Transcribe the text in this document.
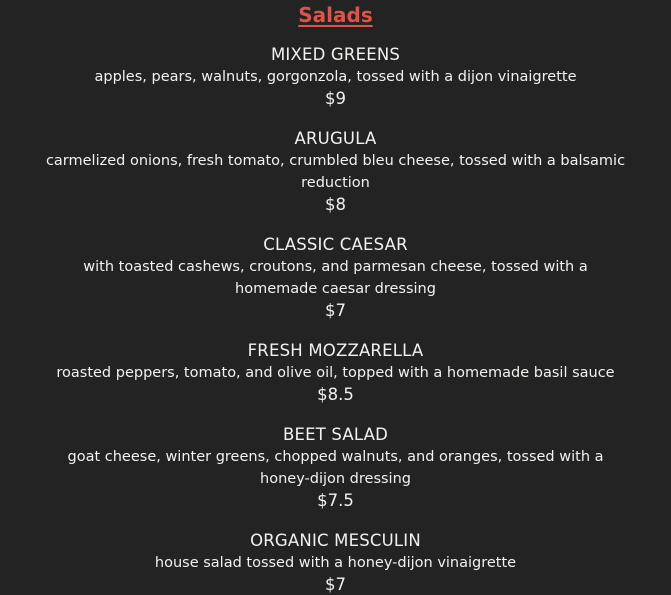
Salads
MIXED GREENS
apples, pears, walnuts, gorgonzola, tossed with a dijon vinaigrette
$9
ARUGULA
carmelized onions, fresh tomato, crumbled bleu cheese, tossed with a balsamic reduction
$8
CLASSIC CAESAR
with toasted cashews, croutons, and parmesan cheese, tossed with a homemade caesar dressing
$7
FRESH MOZZARELLA
roasted peppers, tomato, and olive oil, topped with a homemade basil sauce
$8.5
BEET SALAD
goat cheese, winter greens, chopped walnuts, and oranges, tossed with a honey-dijon dressing
$7.5
ORGANIC MESCULIN
house salad tossed with a honey-dijon vinaigrette
$7
